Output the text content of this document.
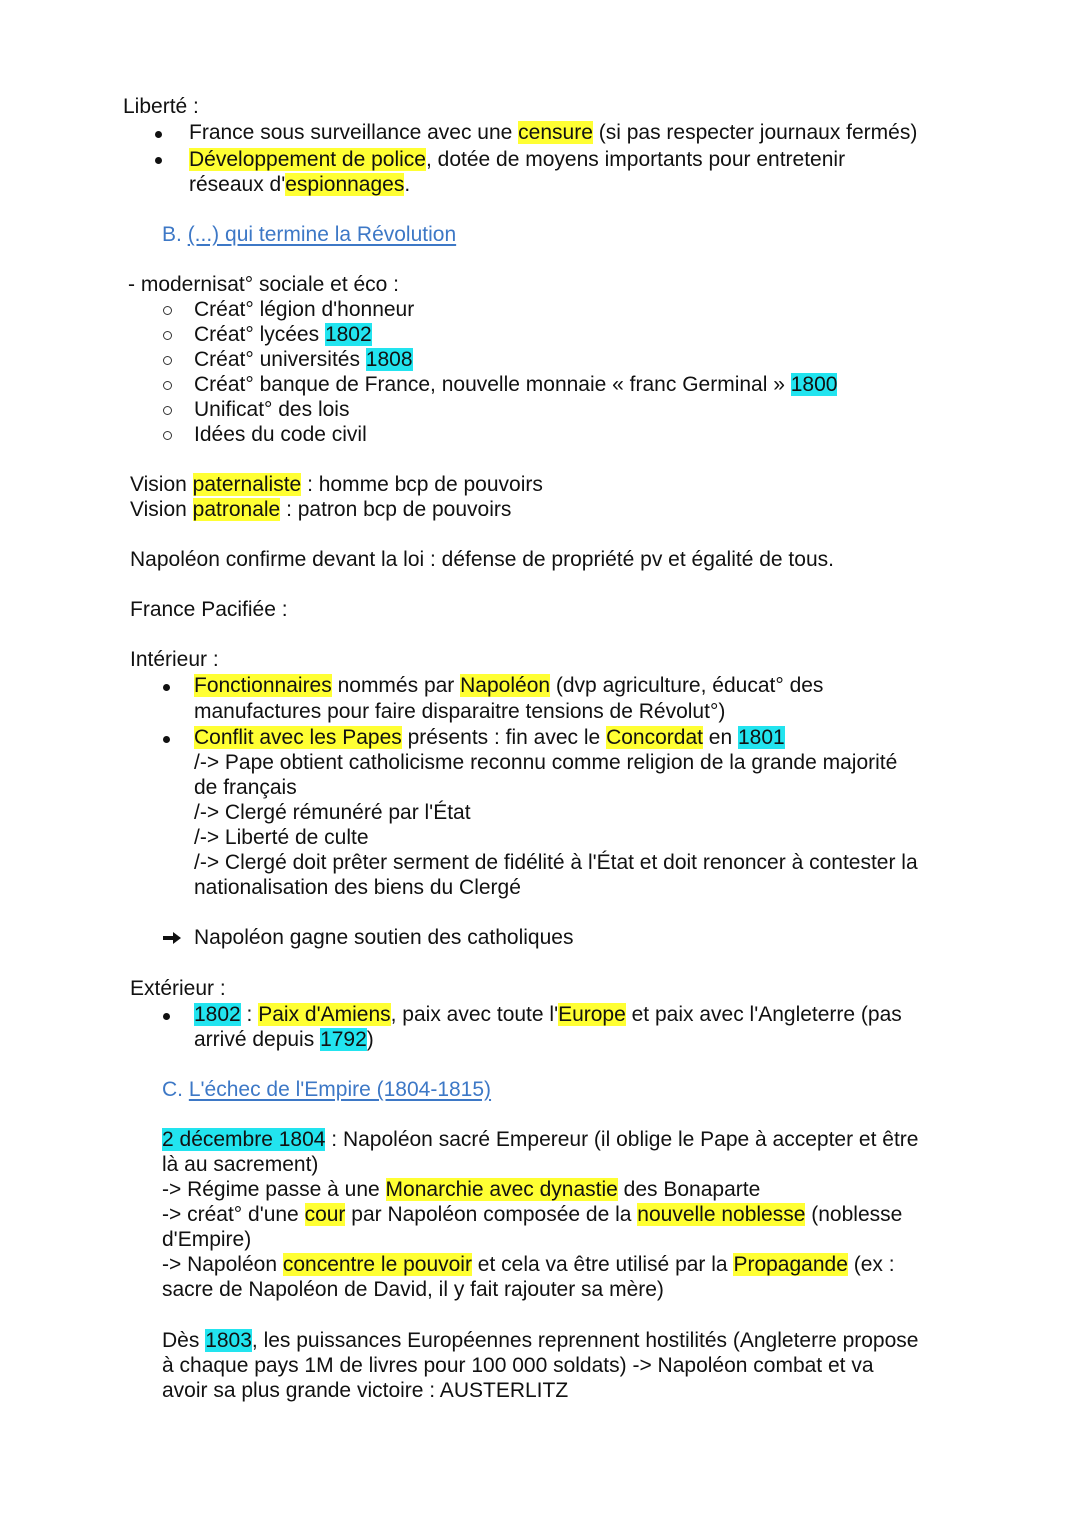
Liberté :
France sous surveillance avec une censure (si pas respecter journaux fermés)
Développement de police, dotée de moyens importants pour entretenir
réseaux d'espionnages.
B. (...) qui termine la Révolution
- modernisat° sociale et éco :
Créat° légion d'honneur
Créat° lycées 1802
Créat° universités 1808
Créat° banque de France, nouvelle monnaie « franc Germinal » 1800
Unificat° des lois
Idées du code civil
Vision paternaliste : homme bcp de pouvoirs
Vision patronale : patron bcp de pouvoirs
Napoléon confirme devant la loi : défense de propriété pv et égalité de tous.
France Pacifiée :
Intérieur :
Fonctionnaires nommés par Napoléon (dvp agriculture, éducat° des
manufactures pour faire disparaitre tensions de Révolut°)
Conflit avec les Papes présents : fin avec le Concordat en 1801
/-> Pape obtient catholicisme reconnu comme religion de la grande majorité
de français
/-> Clergé rémunéré par l'État
/-> Liberté de culte
/-> Clergé doit prêter serment de fidélité à l'État et doit renoncer à contester la
nationalisation des biens du Clergé
Napoléon gagne soutien des catholiques
Extérieur :
1802 : Paix d'Amiens, paix avec toute l'Europe et paix avec l'Angleterre (pas
arrivé depuis 1792)
C. L'échec de l'Empire (1804-1815)
2 décembre 1804 : Napoléon sacré Empereur (il oblige le Pape à accepter et être
là au sacrement)
-> Régime passe à une Monarchie avec dynastie des Bonaparte
-> créat° d'une cour par Napoléon composée de la nouvelle noblesse (noblesse
d'Empire)
-> Napoléon concentre le pouvoir et cela va être utilisé par la Propagande (ex :
sacre de Napoléon de David, il y fait rajouter sa mère)
Dès 1803, les puissances Européennes reprennent hostilités (Angleterre propose
à chaque pays 1M de livres pour 100 000 soldats) -> Napoléon combat et va
avoir sa plus grande victoire : AUSTERLITZ
